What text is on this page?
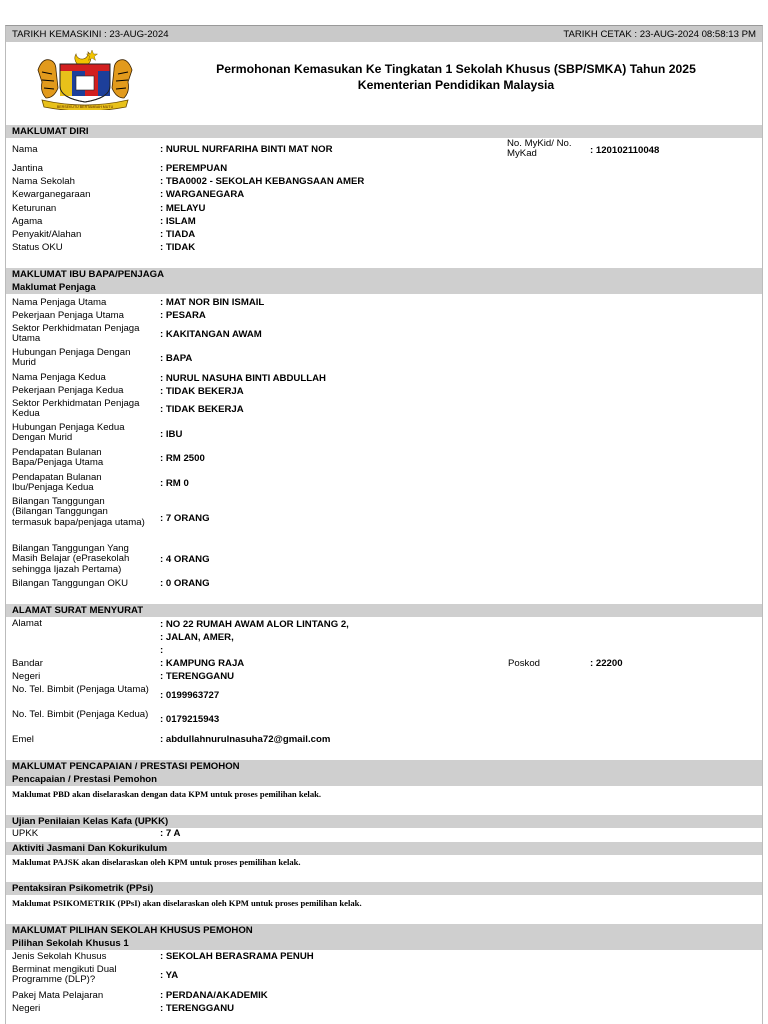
TARIKH KEMASKINI : 23-AUG-2024	TARIKH CETAK : 23-AUG-2024 08:58:13 PM
BERSEKUTU BERTAMBAH MUTU
Permohonan Kemasukan Ke Tingkatan 1 Sekolah Khusus (SBP/SMKA) Tahun 2025
Kementerian Pendidikan Malaysia
MAKLUMAT DIRI
Nama	: NURUL NURFARIHA BINTI MAT NOR
No. MyKid/ No. MyKad	: 120102110048
Jantina	: PEREMPUAN
Nama Sekolah	: TBA0002 - SEKOLAH KEBANGSAAN AMER
Kewarganegaraan	: WARGANEGARA
Keturunan	: MELAYU
Agama	: ISLAM
Penyakit/Alahan	: TIADA
Status OKU	: TIDAK
MAKLUMAT IBU BAPA/PENJAGA
Maklumat Penjaga
Nama Penjaga Utama	: MAT NOR BIN ISMAIL
Pekerjaan Penjaga Utama	: PESARA
Sektor Perkhidmatan Penjaga Utama	: KAKITANGAN AWAM
Hubungan Penjaga Dengan Murid	: BAPA
Nama Penjaga Kedua	: NURUL NASUHA BINTI ABDULLAH
Pekerjaan Penjaga Kedua	: TIDAK BEKERJA
Sektor Perkhidmatan Penjaga Kedua	: TIDAK BEKERJA
Hubungan Penjaga Kedua Dengan Murid	: IBU
Pendapatan Bulanan Bapa/Penjaga Utama	: RM 2500
Pendapatan Bulanan Ibu/Penjaga Kedua	: RM 0
Bilangan Tanggungan (Bilangan Tanggungan termasuk bapa/penjaga utama) : 7 ORANG
Bilangan Tanggungan Yang Masih Belajar (ePrasekolah sehingga Ijazah Pertama)
: 4 ORANG
Bilangan Tanggungan OKU	: 0 ORANG
ALAMAT SURAT MENYURAT
Alamat	: NO 22 RUMAH AWAM ALOR LINTANG 2,
: JALAN, AMER,
:
Bandar	: KAMPUNG RAJA	Poskod	: 22200
Negeri	: TERENGGANU
No. Tel. Bimbit (Penjaga Utama)
: 0199963727
No. Tel. Bimbit (Penjaga Kedua)	: 0179215943
Emel	: abdullahnurulnasuha72@gmail.com
MAKLUMAT PENCAPAIAN / PRESTASI PEMOHON
Pencapaian / Prestasi Pemohon
Maklumat PBD akan diselaraskan dengan data KPM untuk proses pemilihan kelak.
Ujian Penilaian Kelas Kafa (UPKK)
UPKK	: 7 A
Aktiviti Jasmani Dan Kokurikulum
Maklumat PAJSK akan diselaraskan oleh KPM untuk proses pemilihan kelak.
Pentaksiran Psikometrik (PPsi)
Maklumat PSIKOMETRIK (PPsI) akan diselaraskan oleh KPM untuk proses pemilihan kelak.
MAKLUMAT PILIHAN SEKOLAH KHUSUS PEMOHON
Pilihan Sekolah Khusus 1
Jenis Sekolah Khusus	: SEKOLAH BERASRAMA PENUH
Berminat mengikuti Dual Programme (DLP)?	: YA
Pakej Mata Pelajaran	: PERDANA/AKADEMIK
Negeri	: TERENGGANU
